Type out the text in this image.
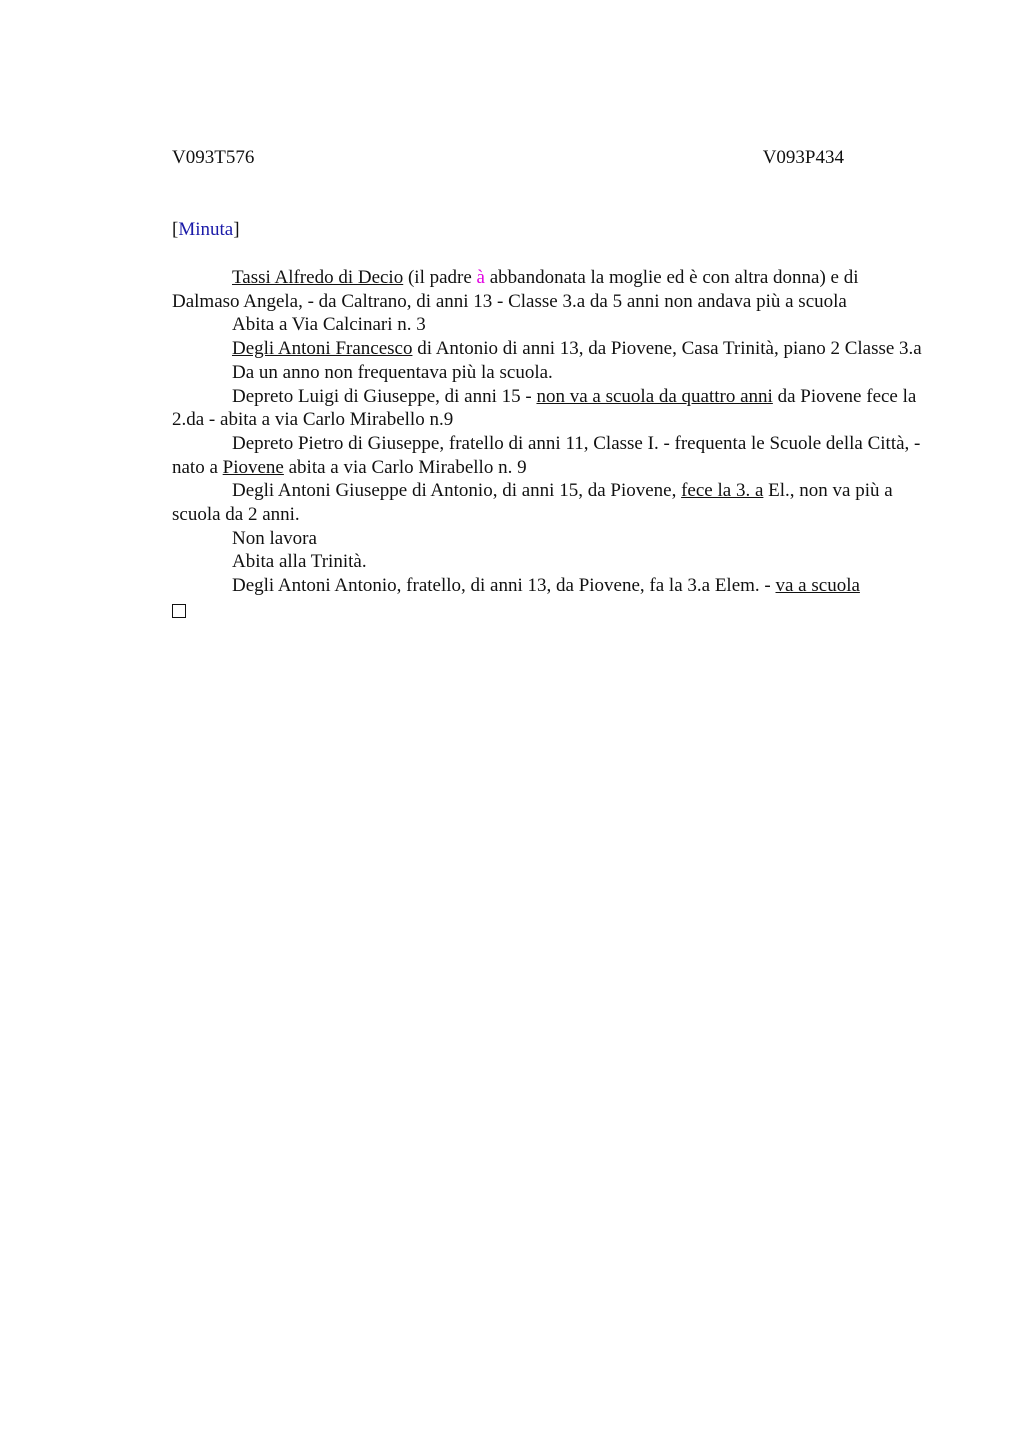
V093T576	V093P434
[Minuta]

Tassi Alfredo di Decio (il padre à abbandonata la moglie ed è con altra donna) e di Dalmaso Angela, - da Caltrano, di anni 13 - Classe 3.a da 5 anni non andava più a scuola

Abita a Via Calcinari n. 3

Degli Antoni Francesco di Antonio di anni 13, da Piovene, Casa Trinità, piano 2 Classe 3.a

Da un anno non frequentava più la scuola.

Depreto Luigi di Giuseppe, di anni 15 - non va a scuola da quattro anni da Piovene fece la 2.da - abita a via Carlo Mirabello n.9

Depreto Pietro di Giuseppe, fratello di anni 11, Classe I. - frequenta le Scuole della Città, - nato a Piovene abita a via Carlo Mirabello n. 9

Degli Antoni Giuseppe di Antonio, di anni 15, da Piovene, fece la 3. a El., non va più a scuola da 2 anni.

Non lavora

Abita alla Trinità.

Degli Antoni Antonio, fratello, di anni 13, da Piovene, fa la 3.a Elem. - va a scuola
